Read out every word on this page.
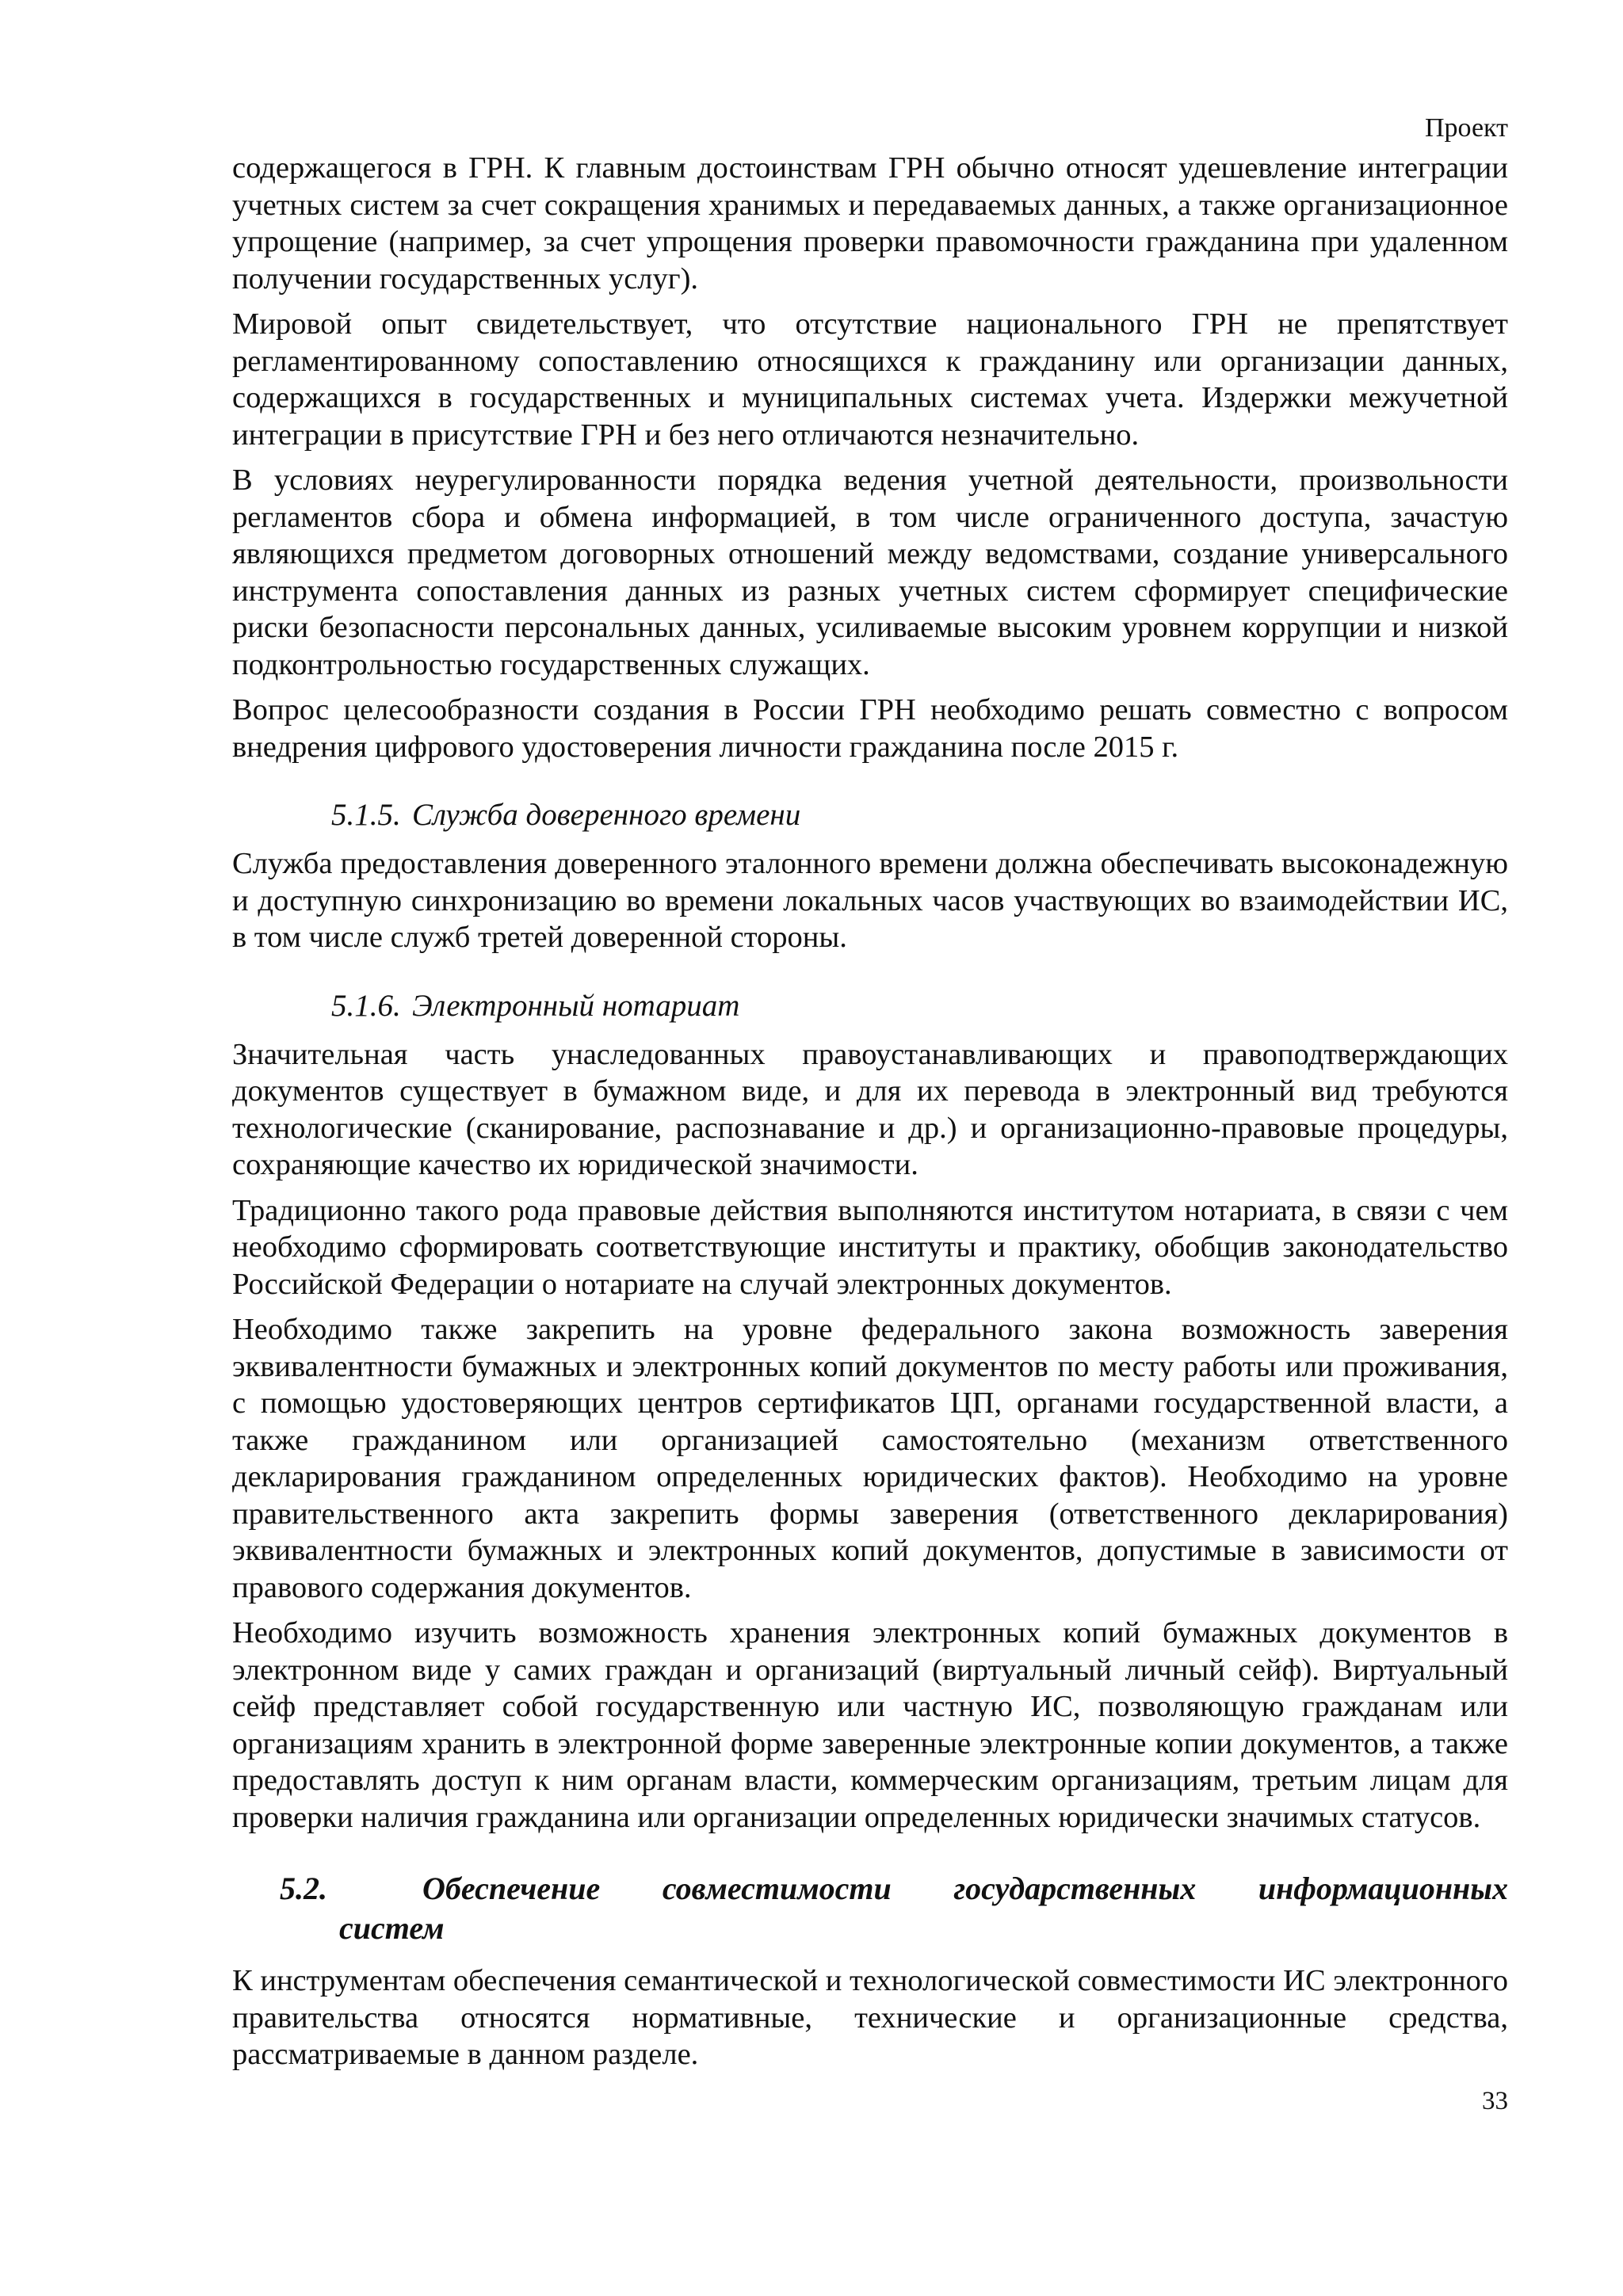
Проект

содержащегося в ГРН. К главным достоинствам ГРН обычно относят удешевление интеграции учетных систем за счет сокращения хранимых и передаваемых данных, а также организационное упрощение (например, за счет упрощения проверки правомочности гражданина при удаленном получении государственных услуг).

Мировой опыт свидетельствует, что отсутствие национального ГРН не препятствует регламентированному сопоставлению относящихся к гражданину или организации данных, содержащихся в государственных и муниципальных системах учета. Издержки межучетной интеграции в присутствие ГРН и без него отличаются незначительно.

В условиях неурегулированности порядка ведения учетной деятельности, произвольности регламентов сбора и обмена информацией, в том числе ограниченного доступа, зачастую являющихся предметом договорных отношений между ведомствами, создание универсального инструмента сопоставления данных из разных учетных систем сформирует специфические риски безопасности персональных данных, усиливаемые высоким уровнем коррупции и низкой подконтрольностью государственных служащих.

Вопрос целесообразности создания в России ГРН необходимо решать совместно с вопросом внедрения цифрового удостоверения личности гражданина после 2015 г.

5.1.5. Служба доверенного времени

Служба предоставления доверенного эталонного времени должна обеспечивать высоконадежную и доступную синхронизацию во времени локальных часов участвующих во взаимодействии ИС, в том числе служб третей доверенной стороны.

5.1.6. Электронный нотариат

Значительная часть унаследованных правоустанавливающих и правоподтверждающих документов существует в бумажном виде, и для их перевода в электронный вид требуются технологические (сканирование, распознавание и др.) и организационно-правовые процедуры, сохраняющие качество их юридической значимости.

Традиционно такого рода правовые действия выполняются институтом нотариата, в связи с чем необходимо сформировать соответствующие институты и практику, обобщив законодательство Российской Федерации о нотариате на случай электронных документов.

Необходимо также закрепить на уровне федерального закона возможность заверения эквивалентности бумажных и электронных копий документов по месту работы или проживания, с помощью удостоверяющих центров сертификатов ЦП, органами государственной власти, а также гражданином или организацией самостоятельно (механизм ответственного декларирования гражданином определенных юридических фактов). Необходимо на уровне правительственного акта закрепить формы заверения (ответственного декларирования) эквивалентности бумажных и электронных копий документов, допустимые в зависимости от правового содержания документов.

Необходимо изучить возможность хранения электронных копий бумажных документов в электронном виде у самих граждан и организаций (виртуальный личный сейф). Виртуальный сейф представляет собой государственную или частную ИС, позволяющую гражданам или организациям хранить в электронной форме заверенные электронные копии документов, а также предоставлять доступ к ним органам власти, коммерческим организациям, третьим лицам для проверки наличия гражданина или организации определенных юридически значимых статусов.

5.2.	Обеспечение совместимости государственных информационных
систем

К инструментам обеспечения семантической и технологической совместимости ИС электронного правительства относятся нормативные, технические и организационные средства, рассматриваемые в данном разделе.

33
